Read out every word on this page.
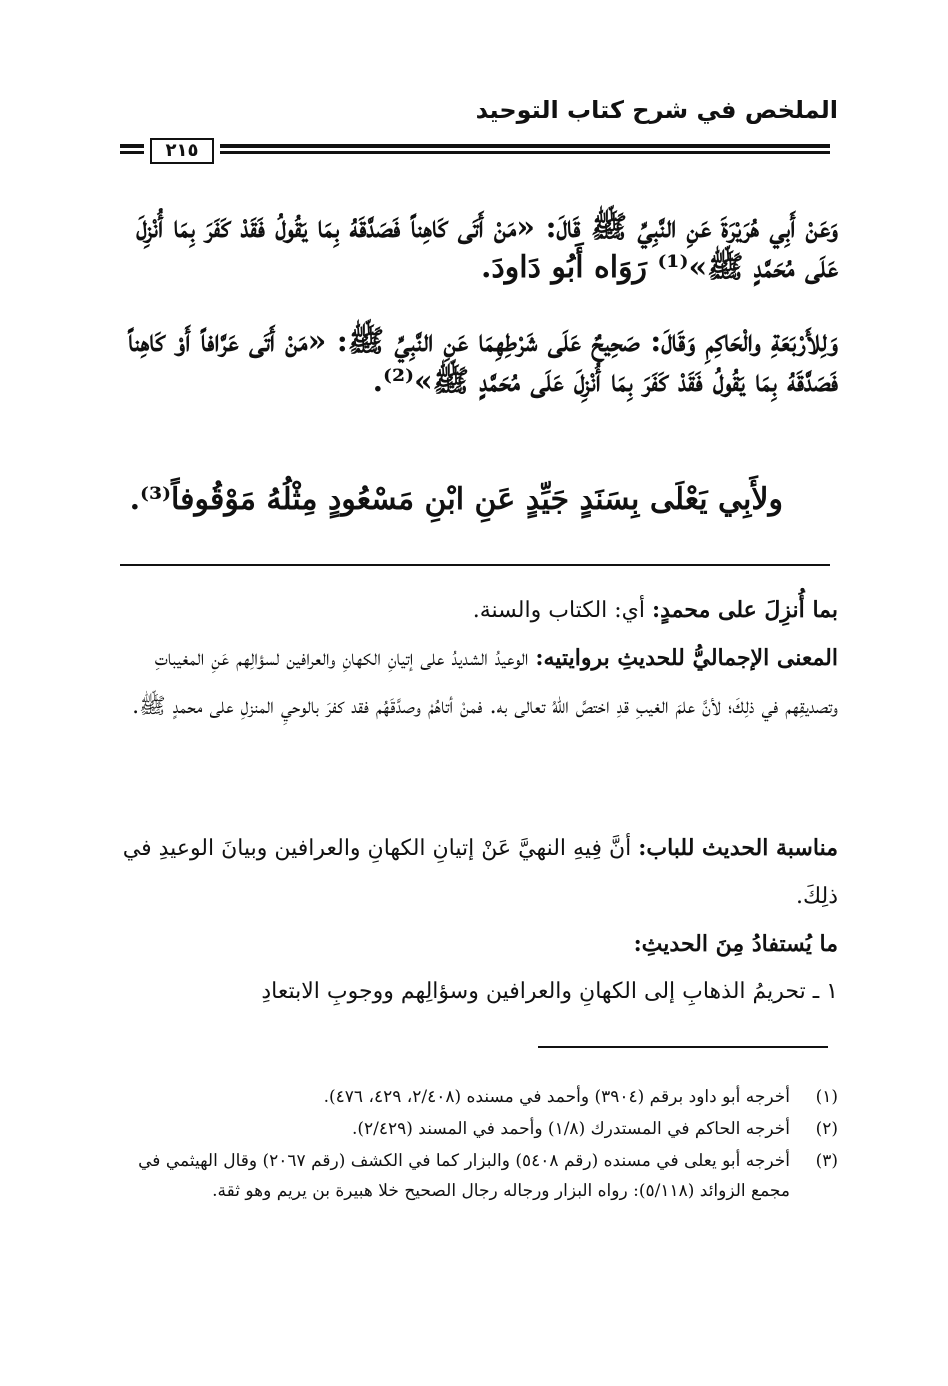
الملخص في شرح كتاب التوحيد
٢١٥

وَعَنْ أَبِي هُرَيْرَةَ عَنِ النَّبِيِّ ﷺ قَالَ: «مَنْ أَتَى كَاهِناً فَصَدَّقَهُ بِمَا يَقُولُ فَقَدْ كَفَرَ بِمَا أُنْزِلَ عَلَى مُحَمَّدٍ ﷺ»⁽¹⁾ رَوَاه أَبُو دَاودَ.

وَلِلأَرْبَعَةِ والْحَاكِمِ وَقَالَ: صَحِيحٌ عَلَى شَرْطِهِمَا عَنِ النَّبِيِّ ﷺ: «مَنْ أَتَى عَرَّافاً أَوْ كَاهِناً فَصَدَّقَهُ بِمَا يَقُولُ فَقَدْ كَفَرَ بِمَا أُنْزِلَ عَلَى مُحَمَّدٍ ﷺ»⁽²⁾.

ولأَبِي يَعْلَى بِسَنَدٍ جَيِّدٍ عَنِ ابْنِ مَسْعُودٍ مِثْلُهُ مَوْقُوفاً⁽³⁾.

بما أُنزِلَ على محمدٍ: أي: الكتاب والسنة.

المعنى الإجماليُّ للحديثِ بروايتيه: الوعيدُ الشديدُ على إتيانِ الكهانِ والعرافين لسؤالِهم عَنِ المغيباتِ وتصديقِهم في ذلِكَ؛ لأنَّ علمَ الغيبِ قدِ اختصَّ اللهُ تعالى به. فمنْ أتاهُمْ وصدَّقَهُم فقد كفرَ بالوحيِ المنزلِ على محمدٍ ﷺ.

مناسبة الحديث للباب: أنَّ فِيهِ النهيَّ عَنْ إتيانِ الكهانِ والعرافين وبيانَ الوعيدِ في ذلِكَ.

ما يُستفادُ مِنَ الحديثِ:

١ ـ تحريمُ الذهابِ إلى الكهانِ والعرافين وسؤالِهم ووجوبِ الابتعادِ

(١)
أخرجه أبو داود برقم (٣٩٠٤) وأحمد في مسنده (٢/٤٠٨، ٤٢٩، ٤٧٦).
(٢)
أخرجه الحاكم في المستدرك (١/٨) وأحمد في المسند (٢/٤٢٩).
(٣)
أخرجه أبو يعلى في مسنده (رقم ٥٤٠٨) والبزار كما في الكشف (رقم ٢٠٦٧) وقال الهيثمي في مجمع الزوائد (٥/١١٨): رواه البزار ورجاله رجال الصحيح خلا هبيرة بن يريم وهو ثقة.
